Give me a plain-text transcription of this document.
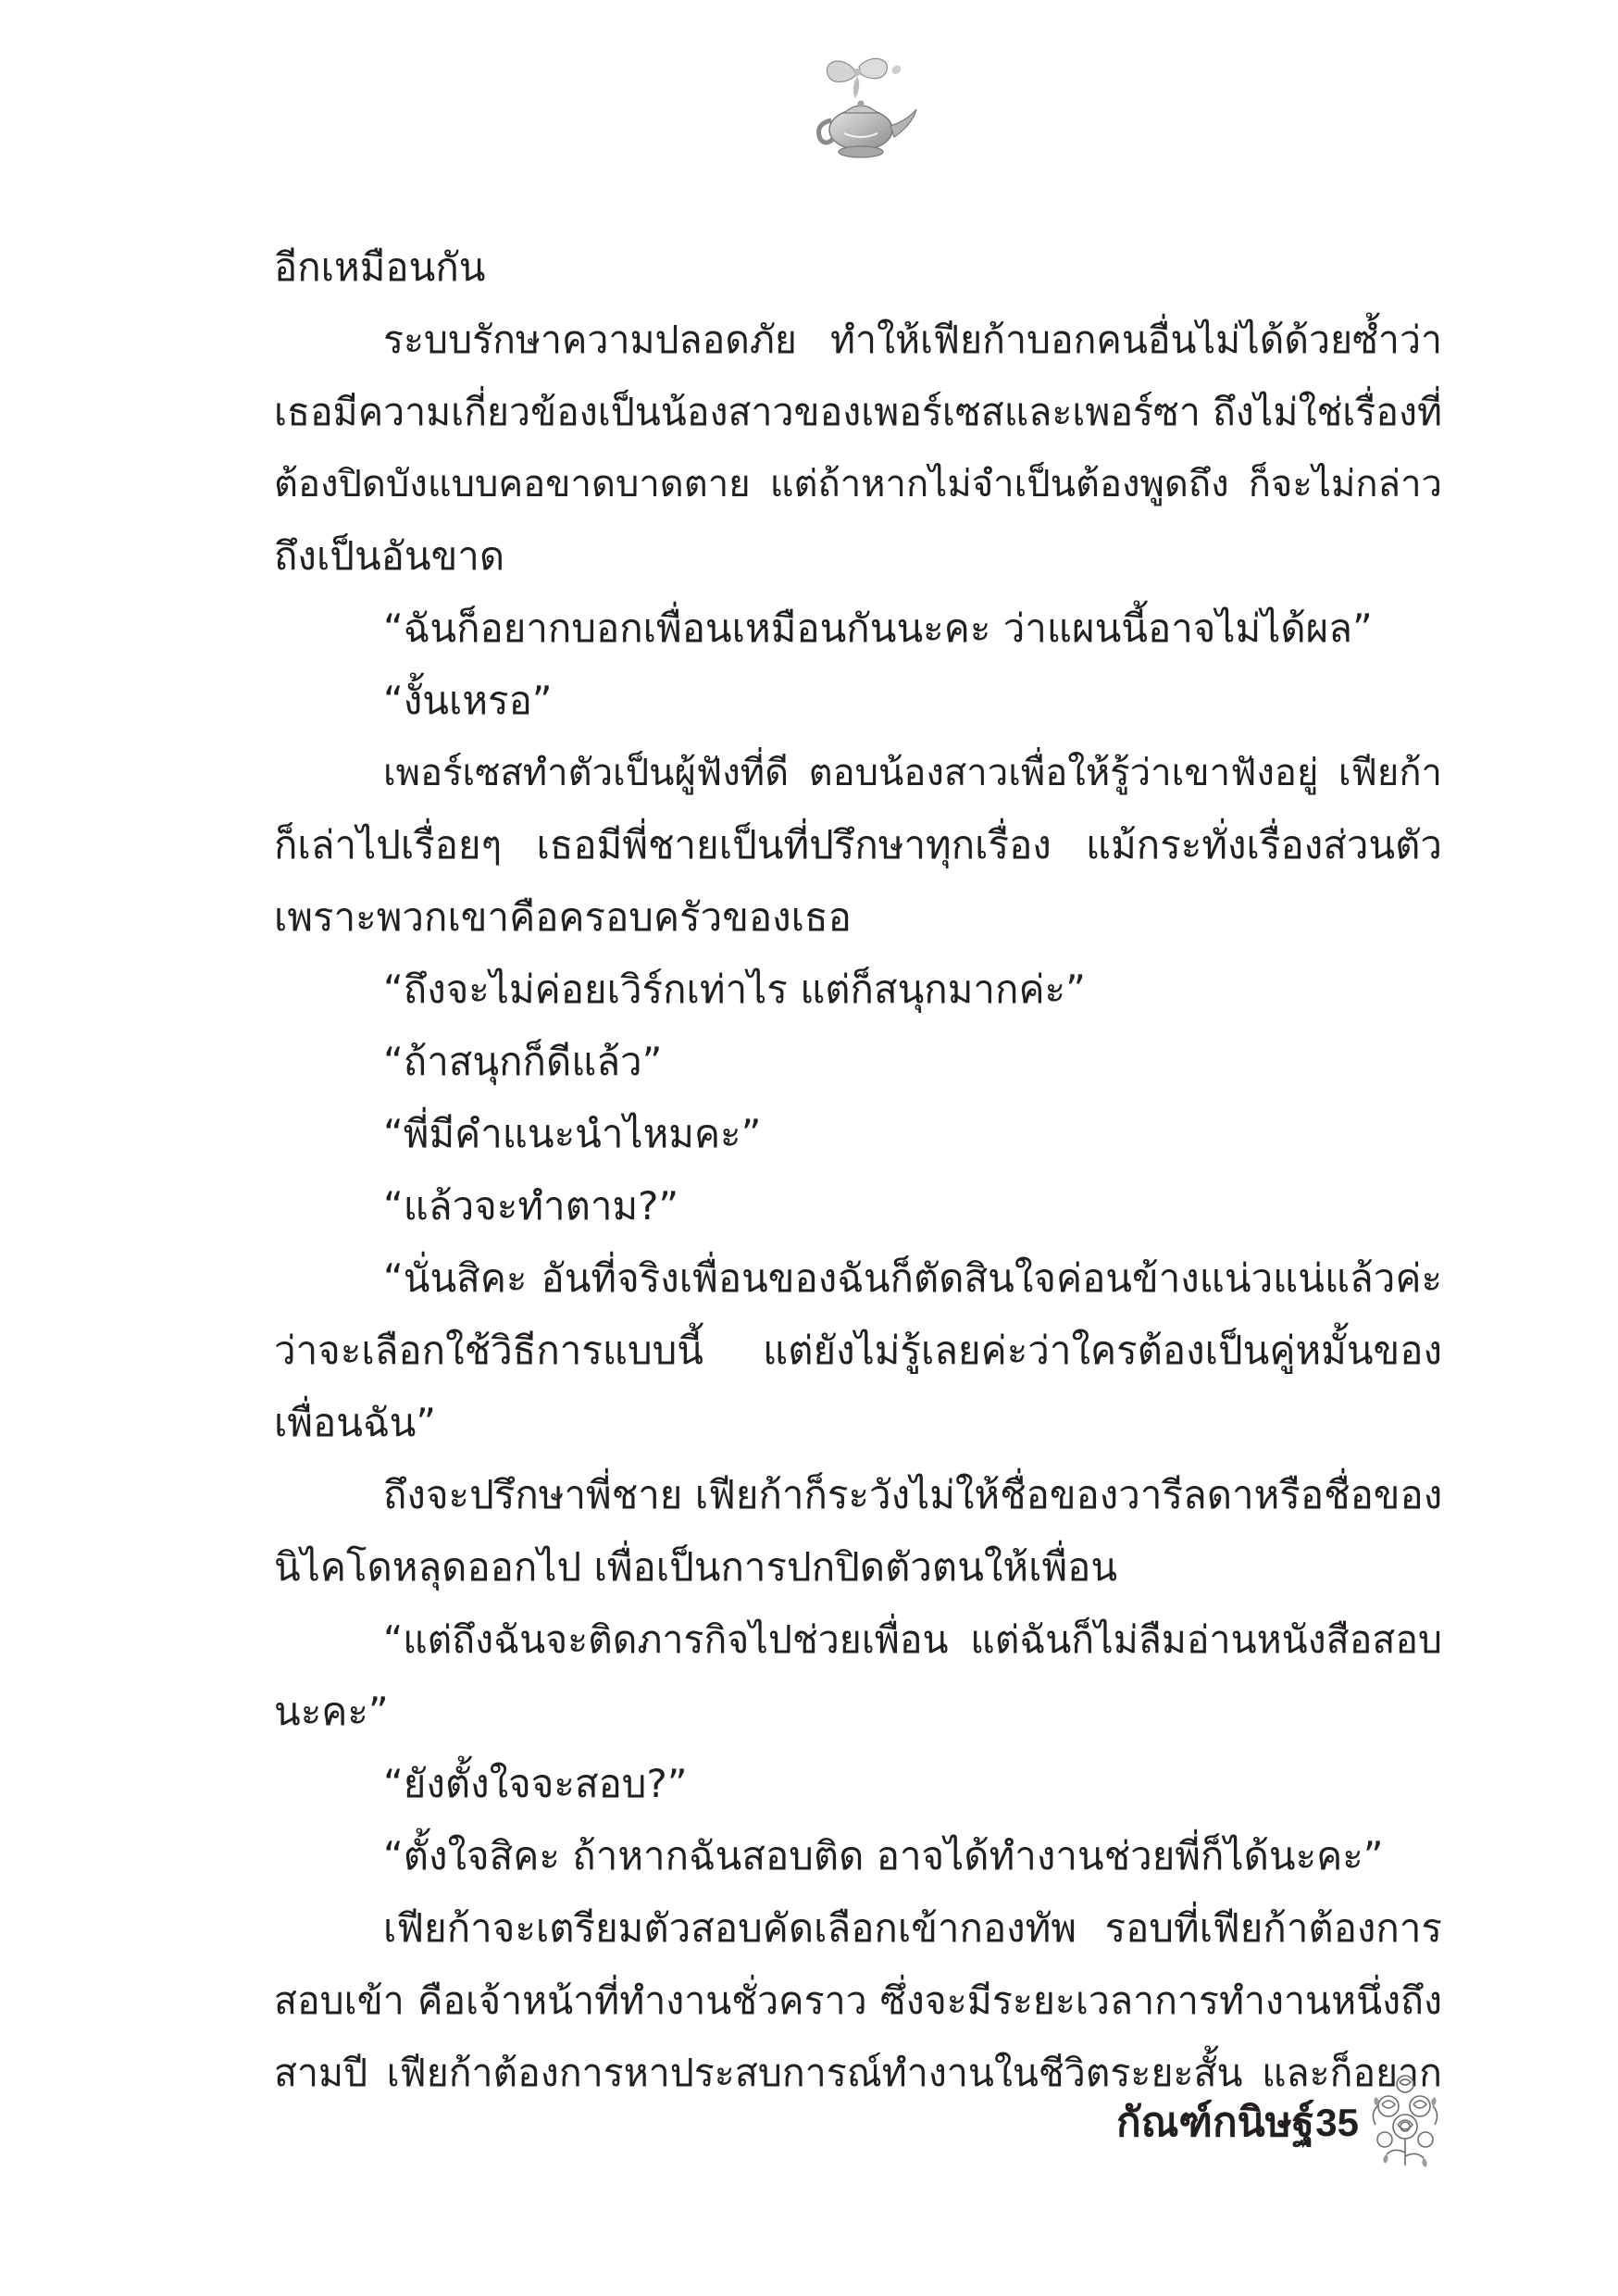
อีกเหมือนกัน
ระบบรักษาความปลอดภัย ทำให้เฟียก้าบอกคนอื่นไม่ได้ด้วยซ้ำว่า
เธอมีความเกี่ยวข้องเป็นน้องสาวของเพอร์เซสและเพอร์ซา ถึงไม่ใช่เรื่องที่
ต้องปิดบังแบบคอขาดบาดตาย แต่ถ้าหากไม่จำเป็นต้องพูดถึง ก็จะไม่กล่าว
ถึงเป็นอันขาด
“ฉันก็อยากบอกเพื่อนเหมือนกันนะคะ ว่าแผนนี้อาจไม่ได้ผล”
“งั้นเหรอ”
เพอร์เซสทำตัวเป็นผู้ฟังที่ดี ตอบน้องสาวเพื่อให้รู้ว่าเขาฟังอยู่ เฟียก้า
ก็เล่าไปเรื่อยๆ เธอมีพี่ชายเป็นที่ปรึกษาทุกเรื่อง แม้กระทั่งเรื่องส่วนตัว
เพราะพวกเขาคือครอบครัวของเธอ
“ถึงจะไม่ค่อยเวิร์กเท่าไร แต่ก็สนุกมากค่ะ”
“ถ้าสนุกก็ดีแล้ว”
“พี่มีคำแนะนำไหมคะ”
“แล้วจะทำตาม?”
“นั่นสิคะ อันที่จริงเพื่อนของฉันก็ตัดสินใจค่อนข้างแน่วแน่แล้วค่ะ
ว่าจะเลือกใช้วิธีการแบบนี้ แต่ยังไม่รู้เลยค่ะว่าใครต้องเป็นคู่หมั้นของ
เพื่อนฉัน”
ถึงจะปรึกษาพี่ชาย เฟียก้าก็ระวังไม่ให้ชื่อของวารีลดาหรือชื่อของ
นิไคโดหลุดออกไป เพื่อเป็นการปกปิดตัวตนให้เพื่อน
“แต่ถึงฉันจะติดภารกิจไปช่วยเพื่อน แต่ฉันก็ไม่ลืมอ่านหนังสือสอบ
นะคะ”
“ยังตั้งใจจะสอบ?”
“ตั้งใจสิคะ ถ้าหากฉันสอบติด อาจได้ทำงานช่วยพี่ก็ได้นะคะ”
เฟียก้าจะเตรียมตัวสอบคัดเลือกเข้ากองทัพ รอบที่เฟียก้าต้องการ
สอบเข้า คือเจ้าหน้าที่ทำงานชั่วคราว ซึ่งจะมีระยะเวลาการทำงานหนึ่งถึง
สามปี เฟียก้าต้องการหาประสบการณ์ทำงานในชีวิตระยะสั้น และก็อยาก
กัณฑ์กนิษฐ์ 35
